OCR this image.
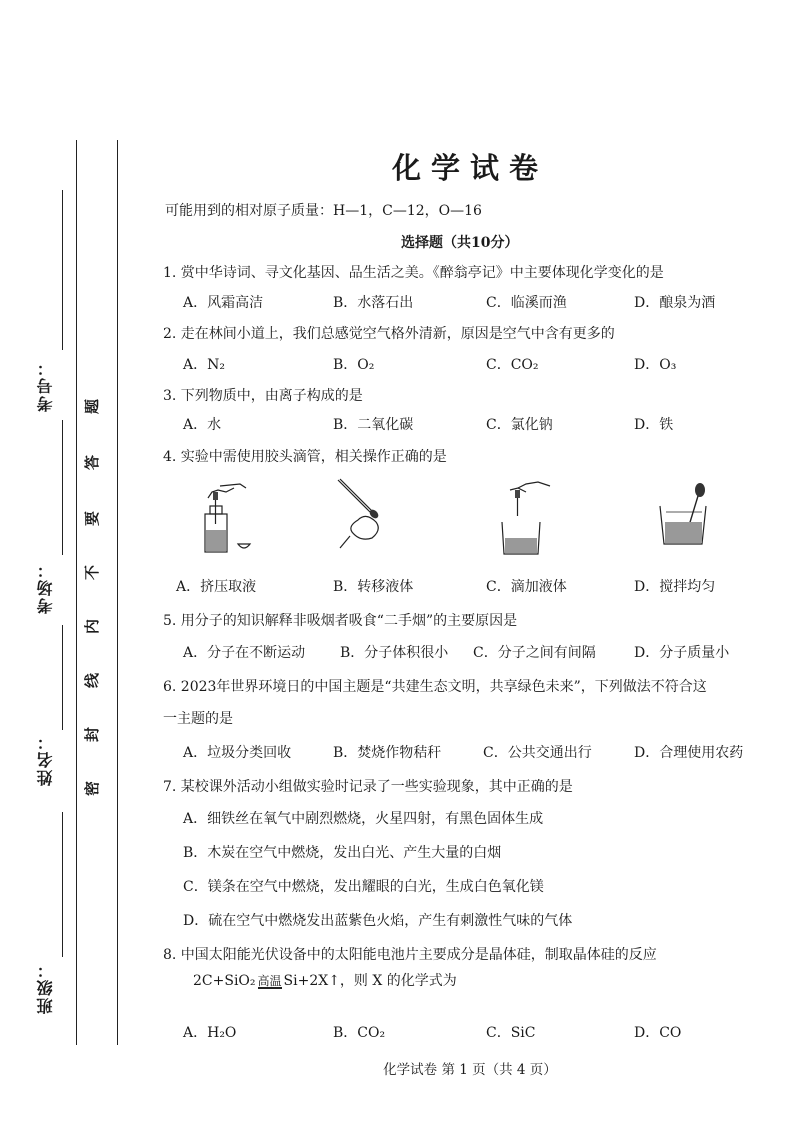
考号：
考场：
姓名：
班级：
密
封
线
内
不
要
答
题
化学试卷
可能用到的相对原子质量：H—1，C—12，O—16
选择题（共10分）
1. 赏中华诗词、寻文化基因、品生活之美。《醉翁亭记》中主要体现化学变化的是
A．风霜高洁	B．水落石出	C．临溪而渔	D．酿泉为酒
2. 走在林间小道上，我们总感觉空气格外清新，原因是空气中含有更多的
A．N₂	B．O₂	C．CO₂	D．O₃
3. 下列物质中，由离子构成的是
A．水	B．二氧化碳	C．氯化钠	D．铁
4. 实验中需使用胶头滴管，相关操作正确的是
A．挤压取液	B．转移液体	C．滴加液体	D．搅拌均匀
5. 用分子的知识解释非吸烟者吸食“二手烟”的主要原因是
A．分子在不断运动 B．分子体积很小 C．分子之间有间隔	D．分子质量小
6. 2023年世界环境日的中国主题是“共建生态文明，共享绿色未来”，下列做法不符合这
一主题的是
A．垃圾分类回收	B．焚烧作物秸秆	C．公共交通出行	D．合理使用农药
7. 某校课外活动小组做实验时记录了一些实验现象，其中正确的是
A．细铁丝在氧气中剧烈燃烧，火星四射，有黑色固体生成
B．木炭在空气中燃烧，发出白光、产生大量的白烟
C．镁条在空气中燃烧，发出耀眼的白光，生成白色氧化镁
D．硫在空气中燃烧发出蓝紫色火焰，产生有刺激性气味的气体
8. 中国太阳能光伏设备中的太阳能电池片主要成分是晶体硅，制取晶体硅的反应
2C+SiO₂ 高温 Si+2X↑，则 X 的化学式为
A．H₂O	B．CO₂	C．SiC	D．CO
化学试卷 第 1 页（共 4 页）
